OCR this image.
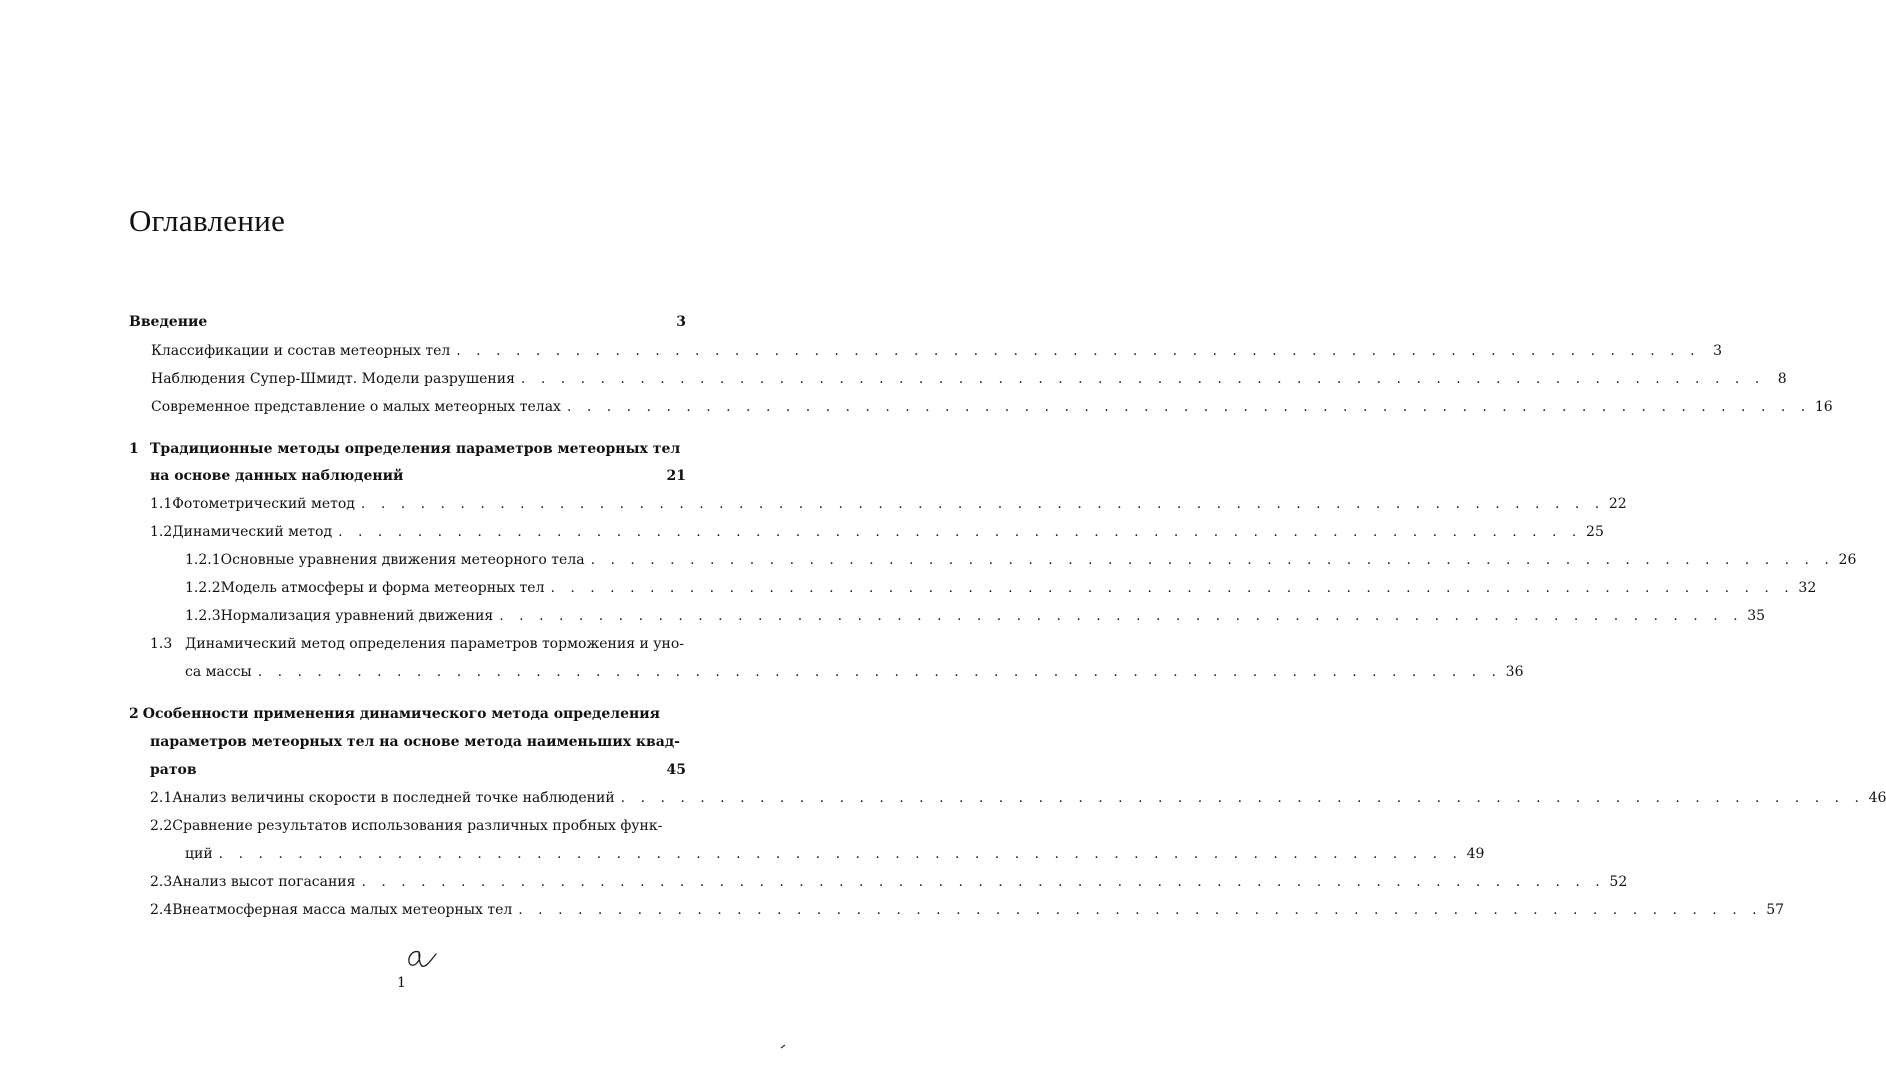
Оглавление
Введение	3
Классификации и состав метеорных тел . . . . . . . . . . . . . . . . . . . . . . . . . . . . . . . . . . . . . . . . . . . . . . . . . . . . . . . . . . . . . . . 3
Наблюдения Супер-Шмидт. Модели разрушения . . . . . . . . . . . . . . . . . . . . . . . . . . . . . . . . . . . . . . . . . . . . . . . . . . . . . . . . . . . . . . . 8
Современное представление о малых метеорных телах . . . . . . . . . . . . . . . . . . . . . . . . . . . . . . . . . . . . . . . . . . . . . . . . . . . . . . . . . . . . . . . 16
1 Традиционные методы определения параметров метеорных тел
на основе данных наблюдений	21
1.1 Фотометрический метод . . . . . . . . . . . . . . . . . . . . . . . . . . . . . . . . . . . . . . . . . . . . . . . . . . . . . . . . . . . . . . . 22
1.2 Динамический метод . . . . . . . . . . . . . . . . . . . . . . . . . . . . . . . . . . . . . . . . . . . . . . . . . . . . . . . . . . . . . . . 25
1.2.1 Основные уравнения движения метеорного тела . . . . . . . . . . . . . . . . . . . . . . . . . . . . . . . . . . . . . . . . . . . . . . . . . . . . . . . . . . . . . . . 26
1.2.2 Модель атмосферы и форма метеорных тел . . . . . . . . . . . . . . . . . . . . . . . . . . . . . . . . . . . . . . . . . . . . . . . . . . . . . . . . . . . . . . . 32
1.2.3 Нормализация уравнений движения . . . . . . . . . . . . . . . . . . . . . . . . . . . . . . . . . . . . . . . . . . . . . . . . . . . . . . . . . . . . . . . 35
1.3 Динамический метод определения параметров торможения и уно-
са массы . . . . . . . . . . . . . . . . . . . . . . . . . . . . . . . . . . . . . . . . . . . . . . . . . . . . . . . . . . . . . . . 36
2 Особенности применения динамического метода определения
параметров метеорных тел на основе метода наименьших квад-
ратов	45
2.1 Анализ величины скорости в последней точке наблюдений . . . . . . . . . . . . . . . . . . . . . . . . . . . . . . . . . . . . . . . . . . . . . . . . . . . . . . . . . . . . . . . 46
2.2 Сравнение результатов использования различных пробных функ-
ций . . . . . . . . . . . . . . . . . . . . . . . . . . . . . . . . . . . . . . . . . . . . . . . . . . . . . . . . . . . . . . . 49
2.3 Анализ высот погасания . . . . . . . . . . . . . . . . . . . . . . . . . . . . . . . . . . . . . . . . . . . . . . . . . . . . . . . . . . . . . . . 52
2.4 Внеатмосферная масса малых метеорных тел . . . . . . . . . . . . . . . . . . . . . . . . . . . . . . . . . . . . . . . . . . . . . . . . . . . . . . . . . . . . . . . 57
1
